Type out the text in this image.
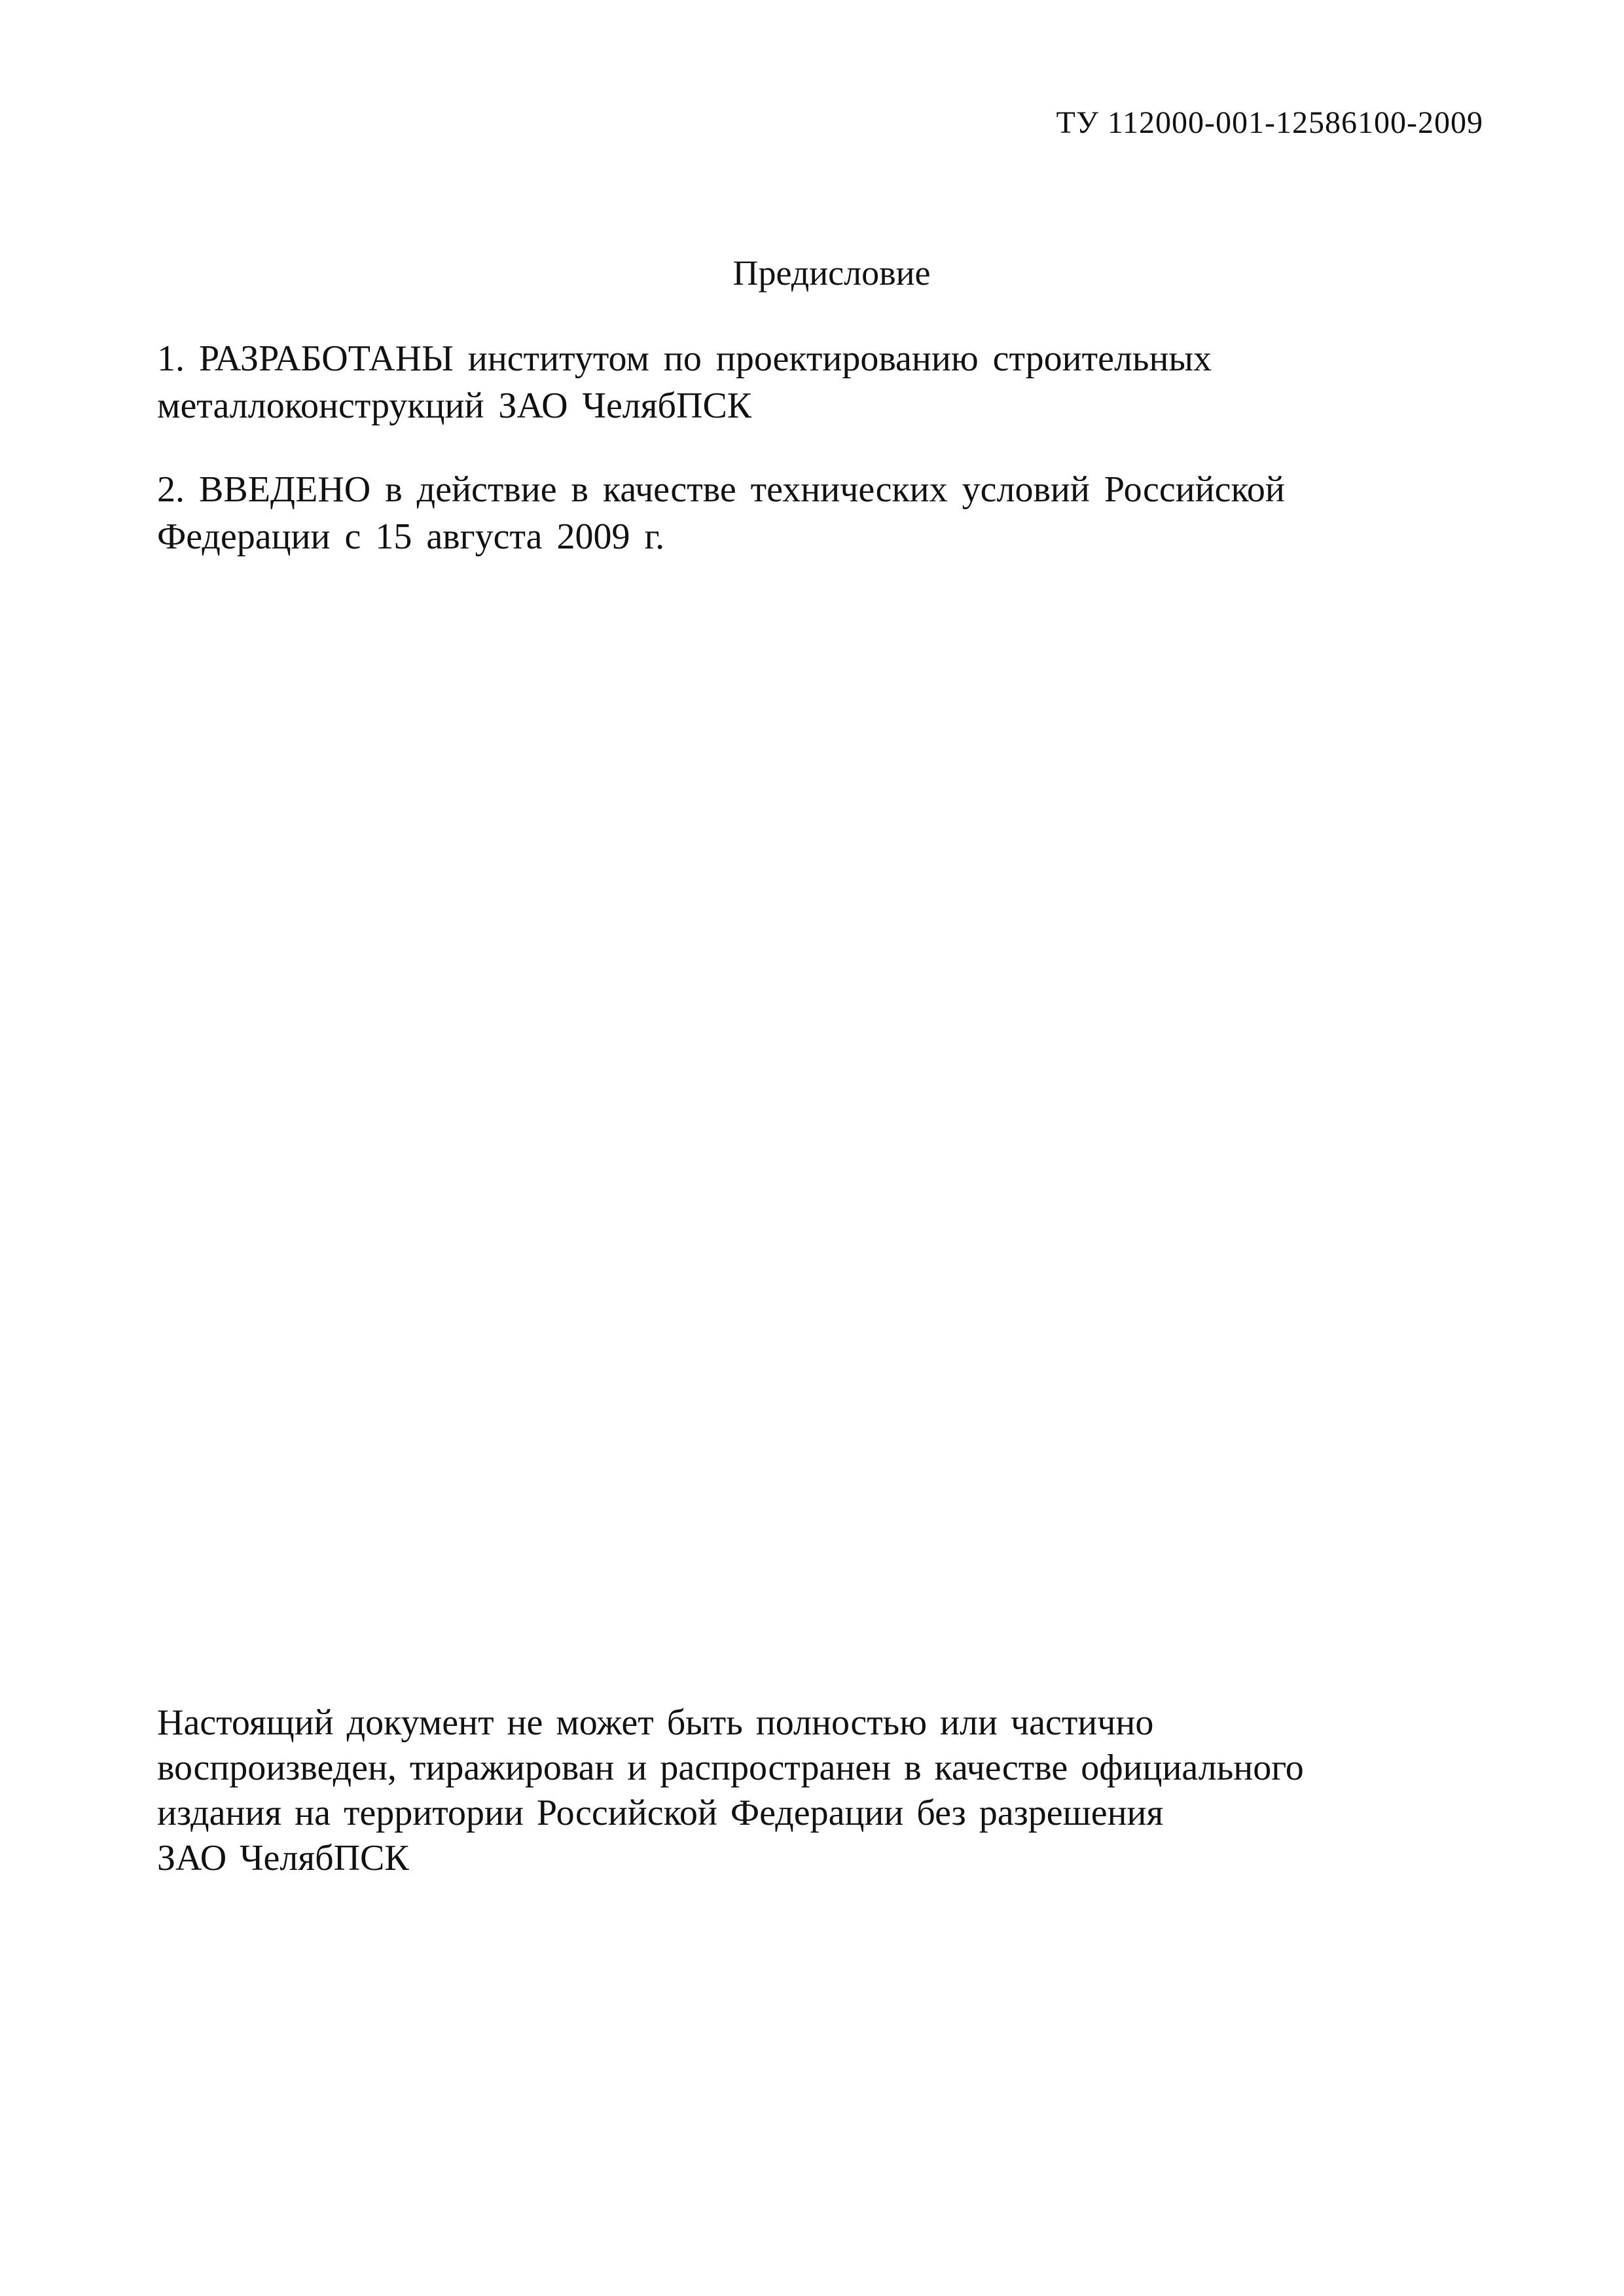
ТУ 112000-001-12586100-2009
Предисловие
1. РАЗРАБОТАНЫ институтом по проектированию строительных
металлоконструкций ЗАО ЧелябПСК
2. ВВЕДЕНО в действие в качестве технических условий Российской
Федерации с 15 августа 2009 г.
Настоящий документ не может быть полностью или частично
воспроизведен, тиражирован и распространен в качестве официального
издания на территории Российской Федерации без разрешения
ЗАО ЧелябПСК
